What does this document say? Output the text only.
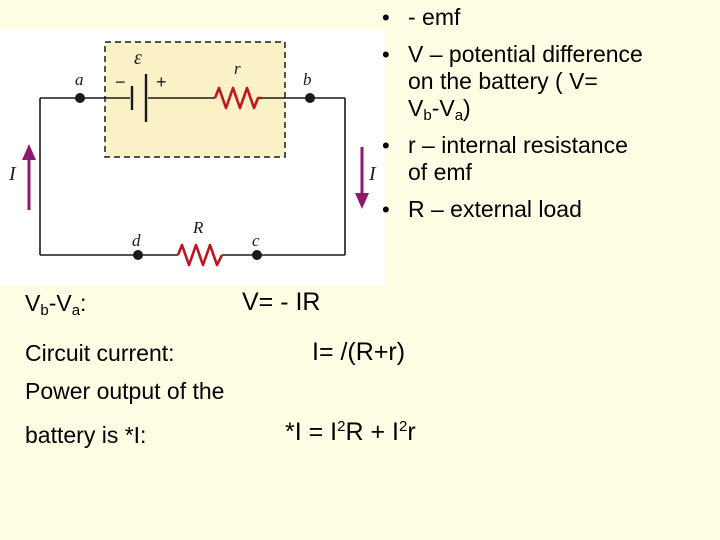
ε
− +
r
a	b
d	c
R
I	I
• - emf
• V – potential difference
on the battery ( V=
$V_b-V_a$)
• r – internal resistance
of emf
• R – external load
$V_b-V_a$:	V= - IR
Circuit current:	I= /(R+r)
Power output of the
battery is *I:	$*I = I^2R + I^2r$
